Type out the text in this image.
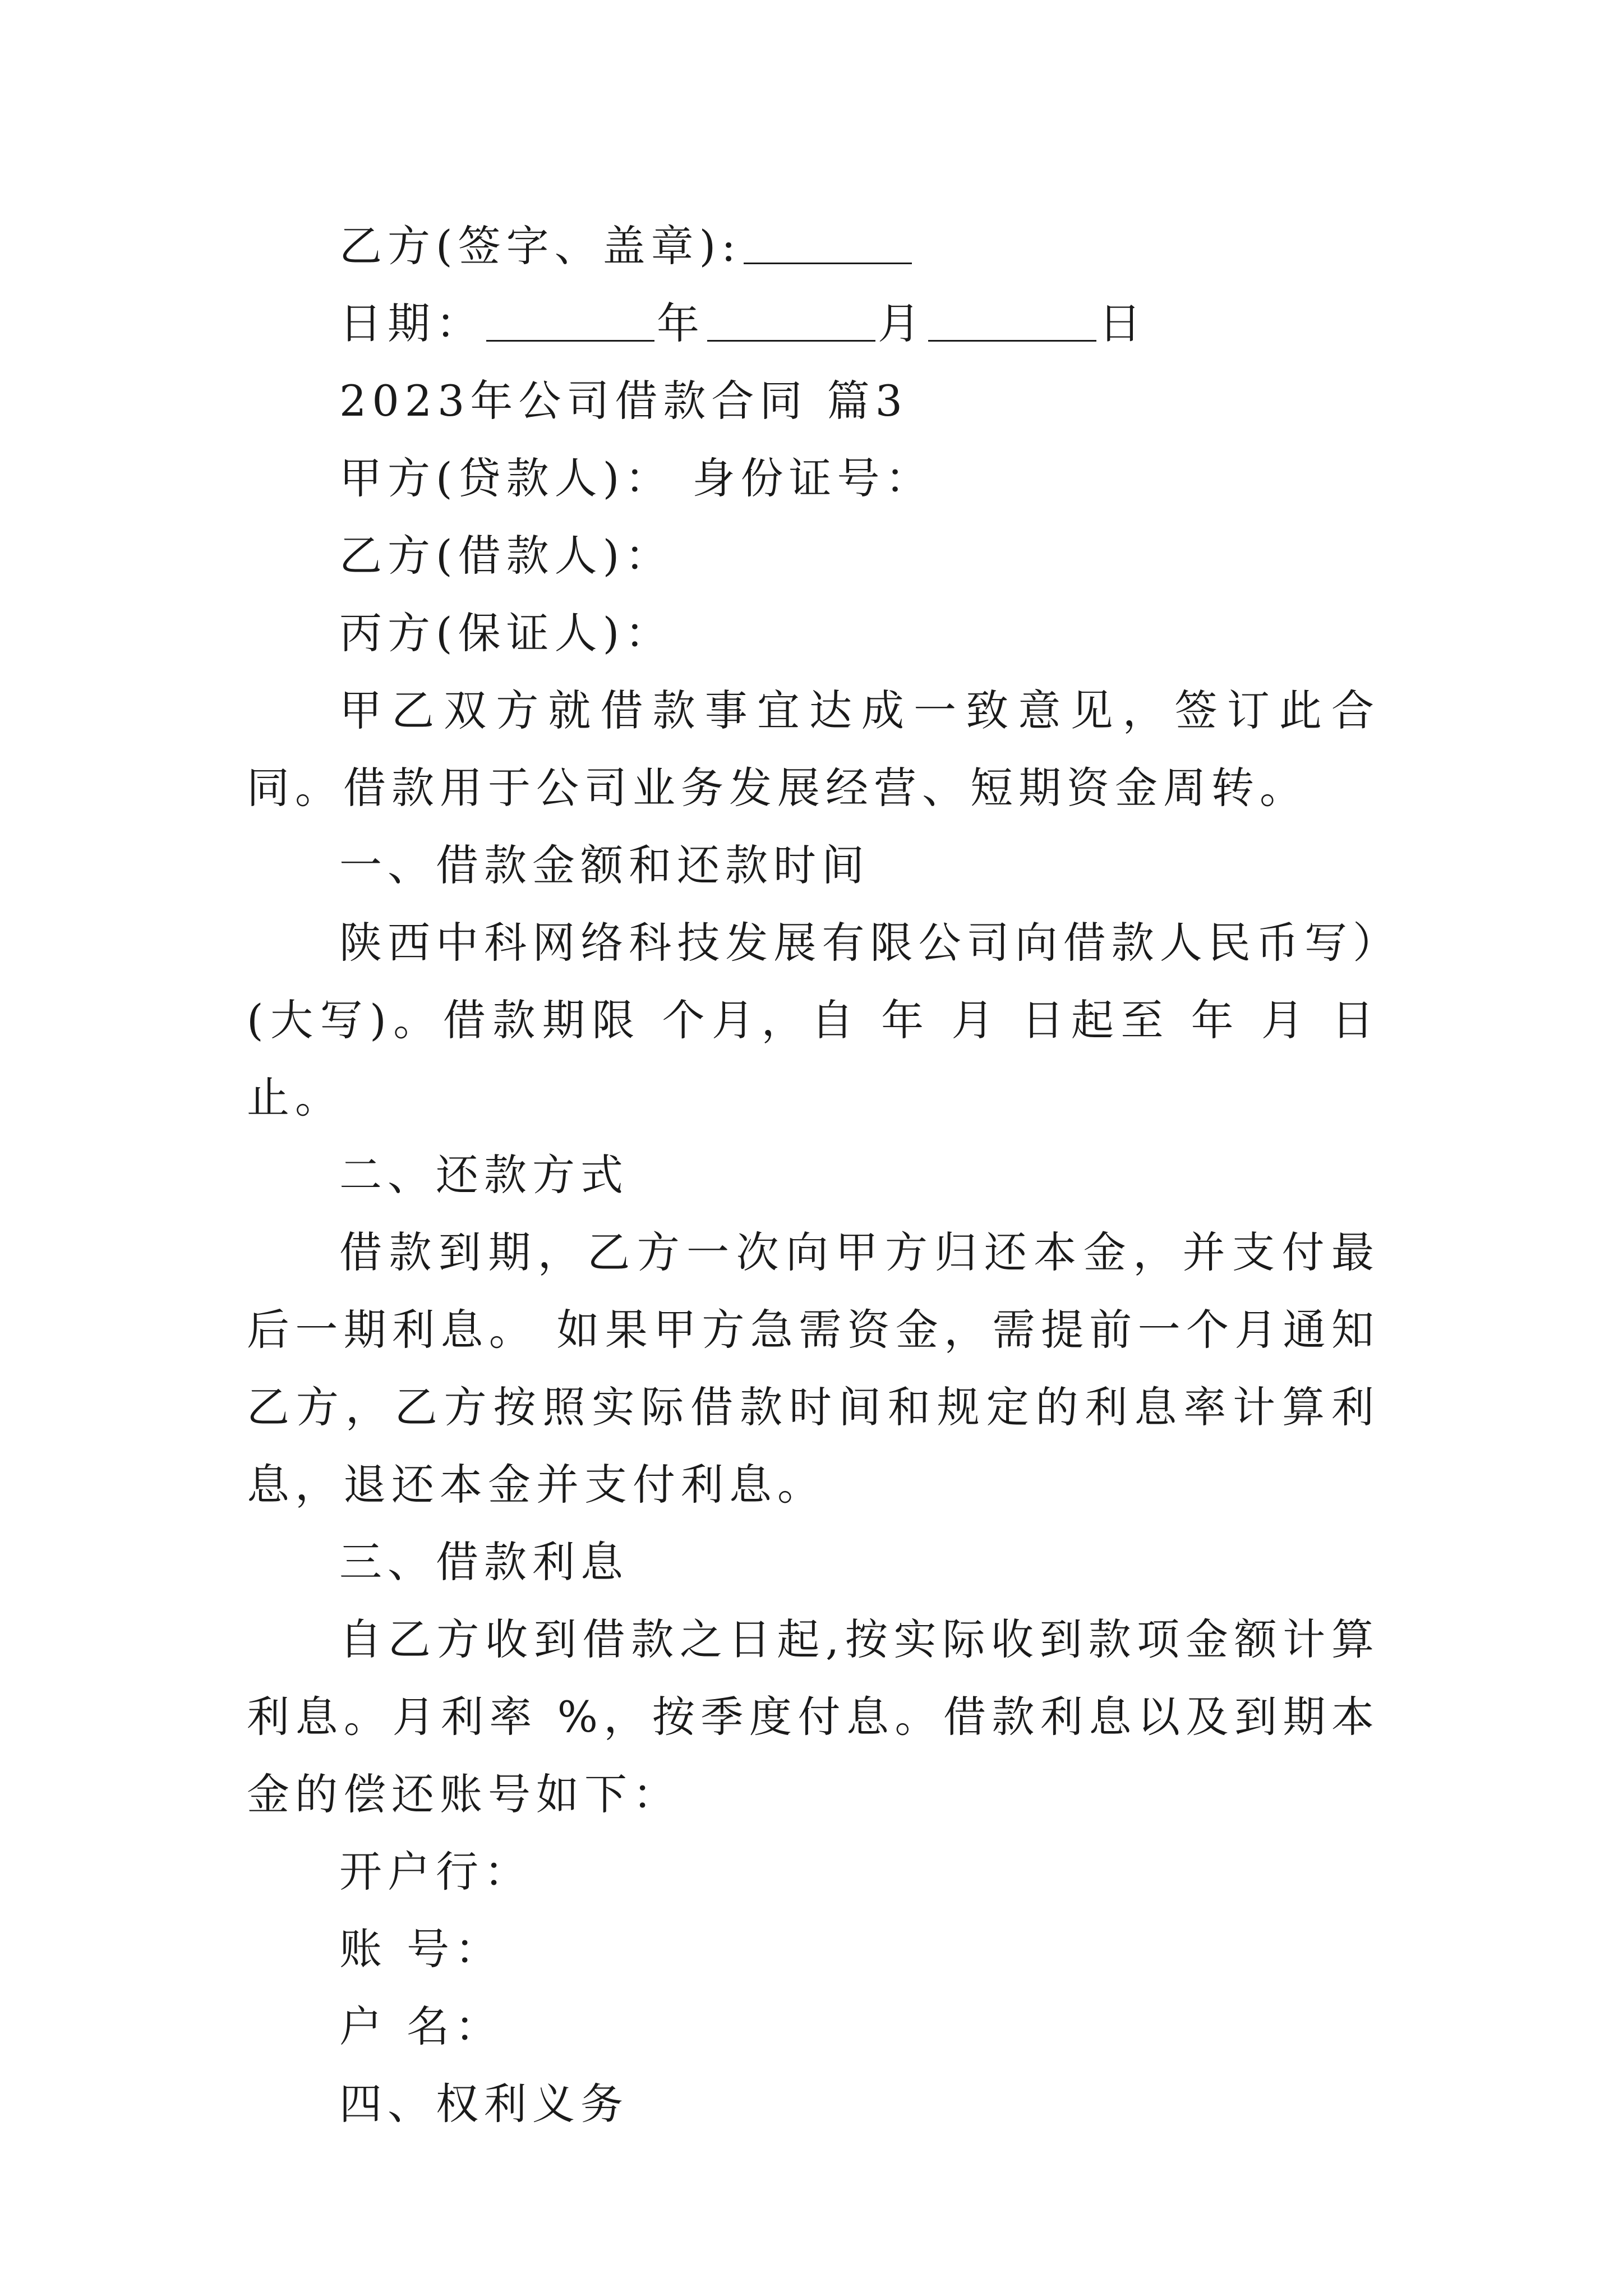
乙方(签字、盖章):
日期：	年	月	日
2023年公司借款合同 篇3
甲方(贷款人)： 身份证号：
乙方(借款人)：
丙方(保证人)：
甲乙双方就借款事宜达成一致意见，签订此合同。借款用于公司业务发展经营、短期资金周转。
一、借款金额和还款时间
陕西中科网络科技发展有限公司向借款人民币写）(大写)。借款期限 个月，自 年 月 日起至 年 月 日止。
二、还款方式
借款到期，乙方一次向甲方归还本金，并支付最后一期利息。 如果甲方急需资金，需提前一个月通知乙方，乙方按照实际借款时间和规定的利息率计算利息，退还本金并支付利息。
三、借款利息
自乙方收到借款之日起,按实际收到款项金额计算利息。月利率 %，按季度付息。借款利息以及到期本金的偿还账号如下：
开户行：
账 号：
户 名：
四、权利义务
